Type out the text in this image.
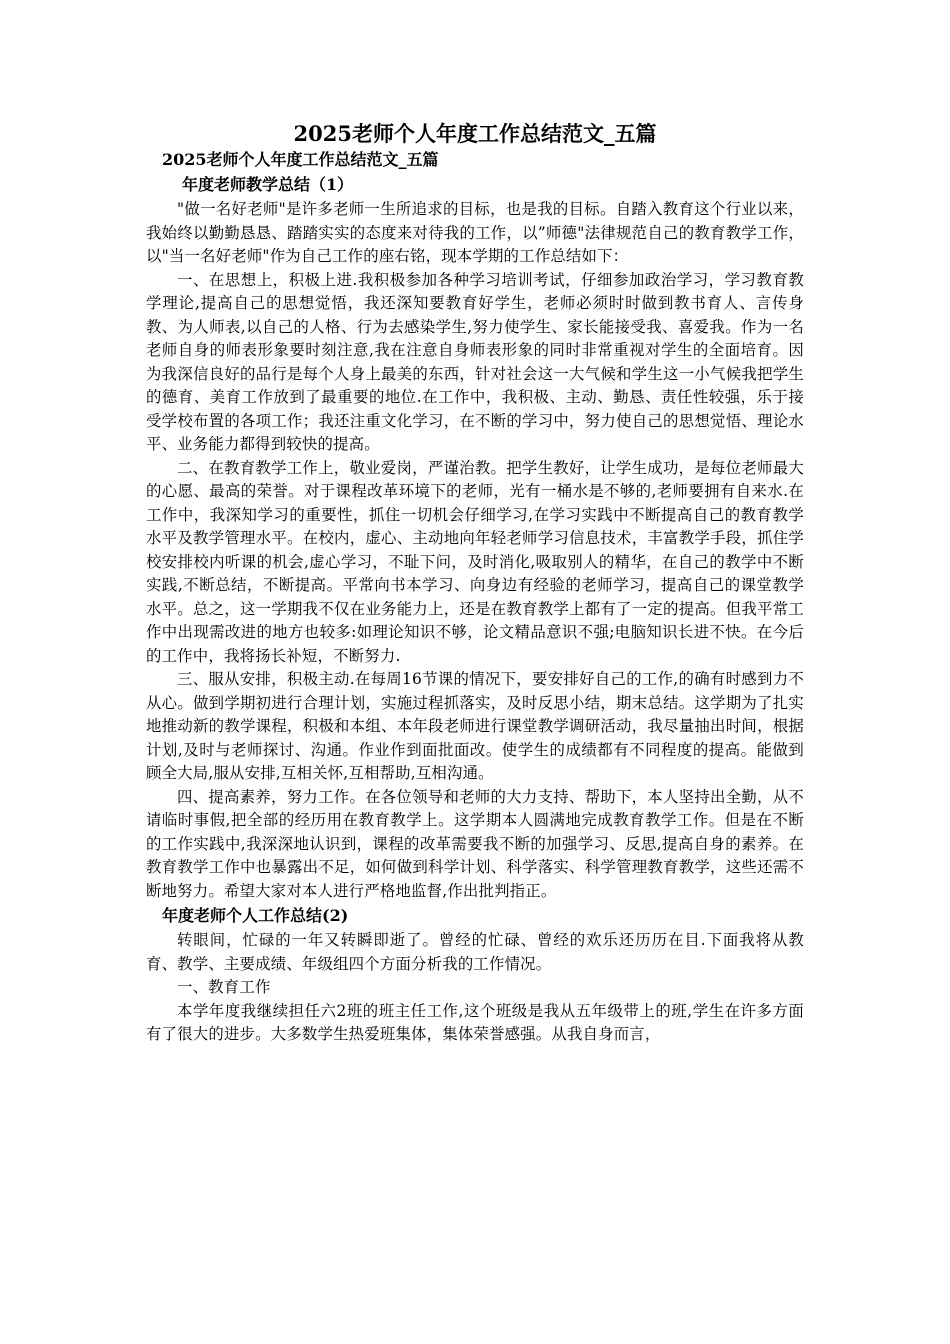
2025老师个人年度工作总结范文_五篇
2025老师个人年度工作总结范文_五篇
年度老师教学总结（1）

"做一名好老师"是许多老师一生所追求的目标，也是我的目标。自踏入教育这个行业以来，我始终以勤勤恳恳、踏踏实实的态度来对待我的工作，以”师德"法律规范自己的教育教学工作，以"当一名好老师"作为自己工作的座右铭，现本学期的工作总结如下：

一、在思想上，积极上进.我积极参加各种学习培训考试，仔细参加政治学习，学习教育教学理论,提高自己的思想觉悟，我还深知要教育好学生，老师必须时时做到教书育人、言传身教、为人师表,以自己的人格、行为去感染学生,努力使学生、家长能接受我、喜爱我。作为一名老师自身的师表形象要时刻注意,我在注意自身师表形象的同时非常重视对学生的全面培育。因为我深信良好的品行是每个人身上最美的东西，针对社会这一大气候和学生这一小气候我把学生的德育、美育工作放到了最重要的地位.在工作中，我积极、主动、勤恳、责任性较强，乐于接受学校布置的各项工作；我还注重文化学习，在不断的学习中，努力使自己的思想觉悟、理论水平、业务能力都得到较快的提高。

二、在教育教学工作上，敬业爱岗，严谨治教。把学生教好，让学生成功，是每位老师最大的心愿、最高的荣誉。对于课程改革环境下的老师，光有一桶水是不够的,老师要拥有自来水.在工作中，我深知学习的重要性，抓住一切机会仔细学习,在学习实践中不断提高自己的教育教学水平及教学管理水平。在校内，虚心、主动地向年轻老师学习信息技术，丰富教学手段，抓住学校安排校内听课的机会,虚心学习，不耻下问，及时消化,吸取别人的精华，在自己的教学中不断实践,不断总结，不断提高。平常向书本学习、向身边有经验的老师学习，提高自己的课堂教学水平。总之，这一学期我不仅在业务能力上，还是在教育教学上都有了一定的提高。但我平常工作中出现需改进的地方也较多:如理论知识不够，论文精品意识不强;电脑知识长进不快。在今后的工作中，我将扬长补短，不断努力.

三、服从安排，积极主动.在每周16节课的情况下，要安排好自己的工作,的确有时感到力不从心。做到学期初进行合理计划，实施过程抓落实，及时反思小结，期末总结。这学期为了扎实地推动新的教学课程，积极和本组、本年段老师进行课堂教学调研活动，我尽量抽出时间，根据计划,及时与老师探讨、沟通。作业作到面批面改。使学生的成绩都有不同程度的提高。能做到顾全大局,服从安排,互相关怀,互相帮助,互相沟通。

四、提高素养，努力工作。在各位领导和老师的大力支持、帮助下，本人坚持出全勤，从不请临时事假,把全部的经历用在教育教学上。这学期本人圆满地完成教育教学工作。但是在不断的工作实践中,我深深地认识到，课程的改革需要我不断的加强学习、反思,提高自身的素养。在教育教学工作中也暴露出不足，如何做到科学计划、科学落实、科学管理教育教学，这些还需不断地努力。希望大家对本人进行严格地监督,作出批判指正。

年度老师个人工作总结(2)

转眼间，忙碌的一年又转瞬即逝了。曾经的忙碌、曾经的欢乐还历历在目.下面我将从教育、教学、主要成绩、年级组四个方面分析我的工作情况。

一、教育工作

本学年度我继续担任六2班的班主任工作,这个班级是我从五年级带上的班,学生在许多方面有了很大的进步。大多数学生热爱班集体，集体荣誉感强。从我自身而言，
